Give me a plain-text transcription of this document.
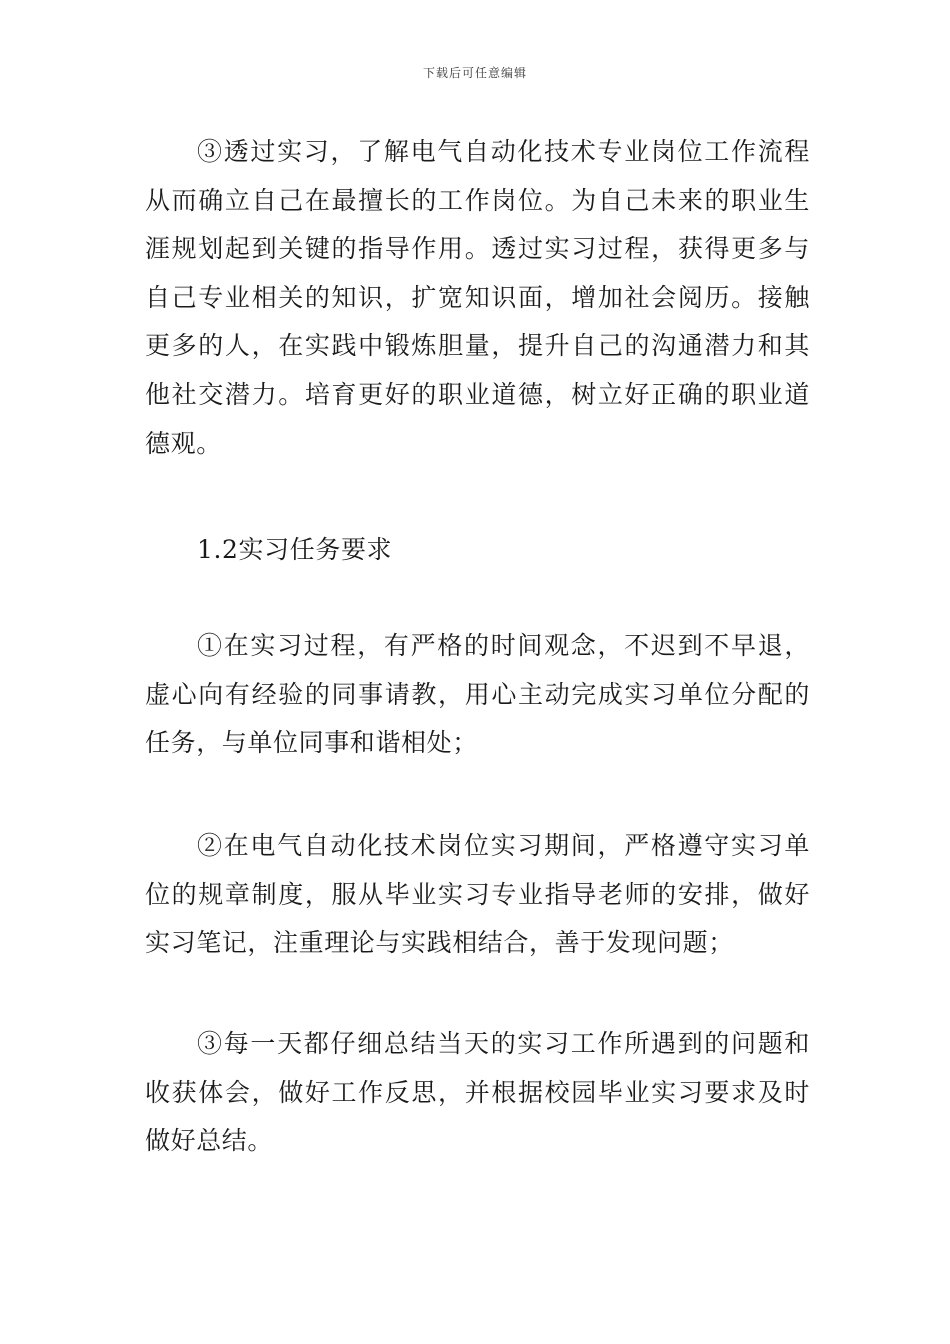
下载后可任意编辑

③透过实习，了解电气自动化技术专业岗位工作流程从而确立自己在最擅长的工作岗位。为自己未来的职业生涯规划起到关键的指导作用。透过实习过程，获得更多与自己专业相关的知识，扩宽知识面，增加社会阅历。接触更多的人，在实践中锻炼胆量，提升自己的沟通潜力和其他社交潜力。培育更好的职业道德，树立好正确的职业道德观。

1.2实习任务要求

①在实习过程，有严格的时间观念，不迟到不早退，虚心向有经验的同事请教，用心主动完成实习单位分配的任务，与单位同事和谐相处；

②在电气自动化技术岗位实习期间，严格遵守实习单位的规章制度，服从毕业实习专业指导老师的安排，做好实习笔记，注重理论与实践相结合，善于发现问题；

③每一天都仔细总结当天的实习工作所遇到的问题和收获体会，做好工作反思，并根据校园毕业实习要求及时做好总结。
